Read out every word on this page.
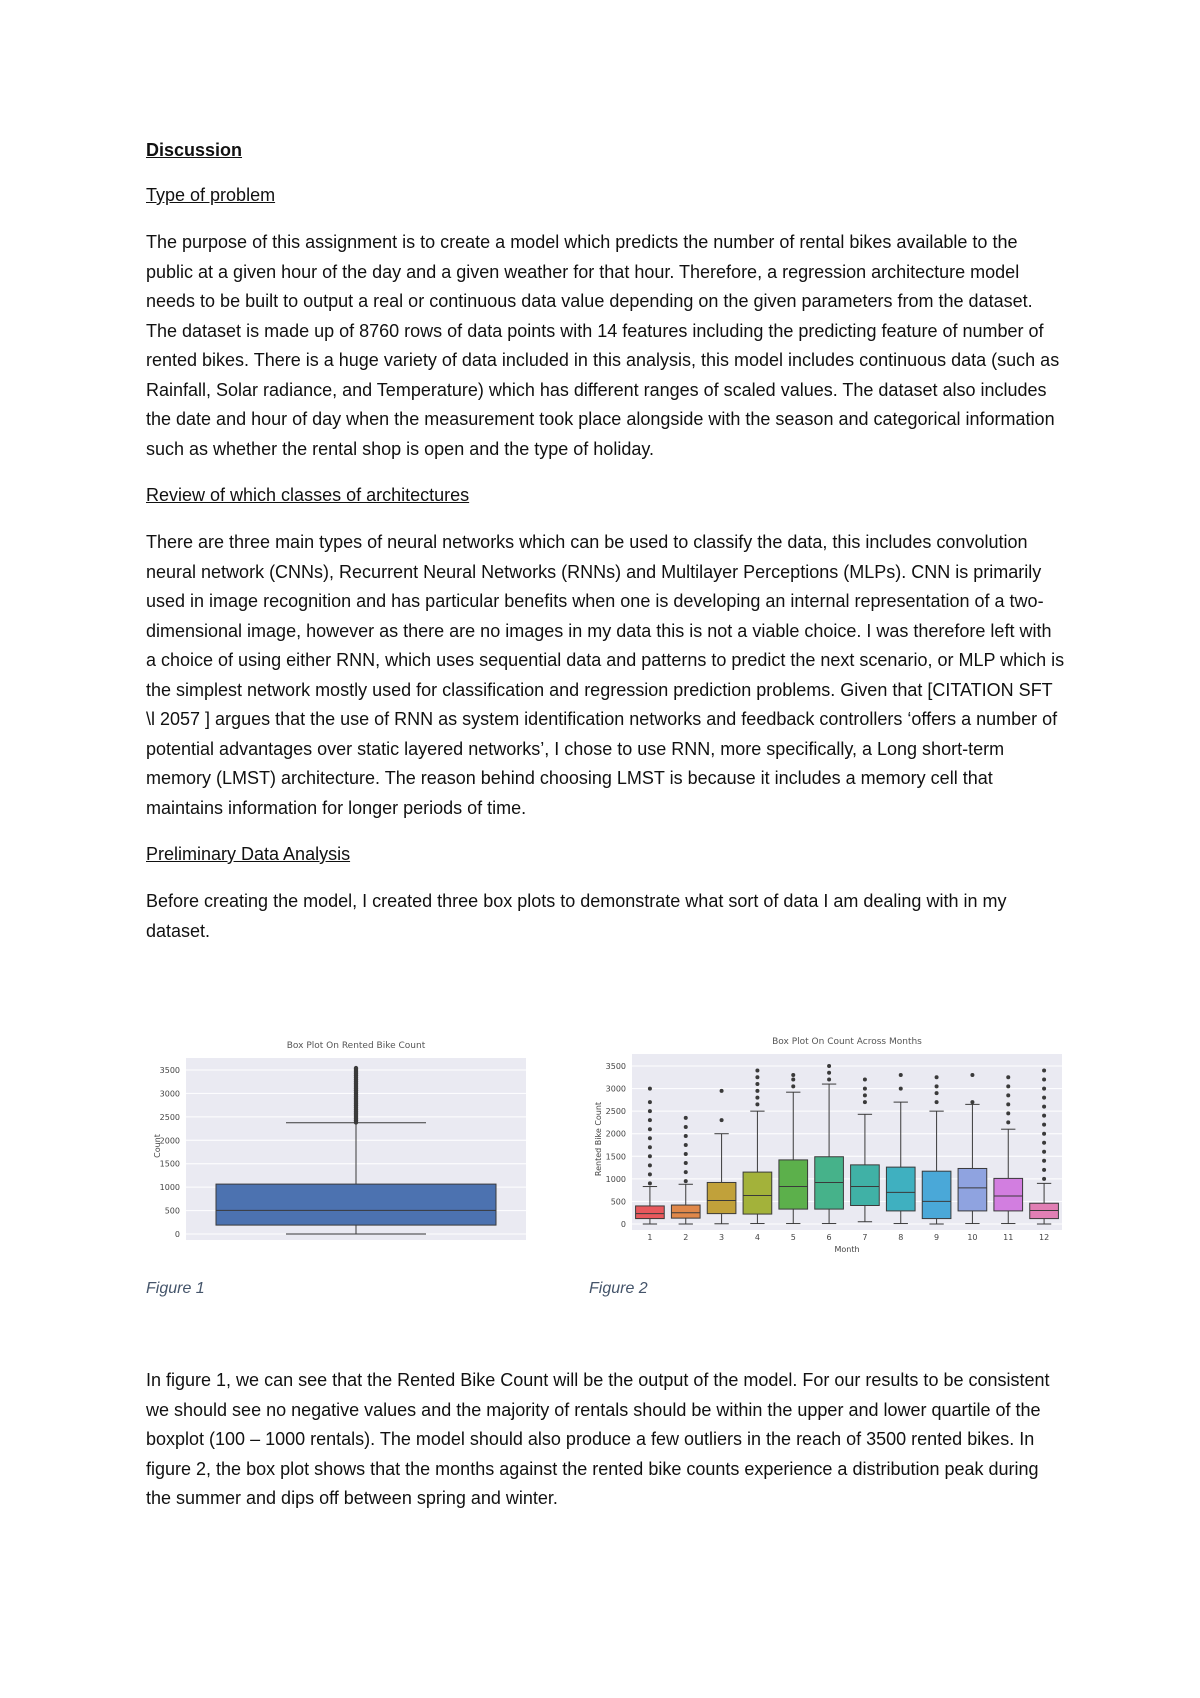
Discussion

Type of problem

The purpose of this assignment is to create a model which predicts the number of rental bikes available to the public at a given hour of the day and a given weather for that hour. Therefore, a regression architecture model needs to be built to output a real or continuous data value depending on the given parameters from the dataset. The dataset is made up of 8760 rows of data points with 14 features including the predicting feature of number of rented bikes. There is a huge variety of data included in this analysis, this model includes continuous data (such as Rainfall, Solar radiance, and Temperature) which has different ranges of scaled values. The dataset also includes the date and hour of day when the measurement took place alongside with the season and categorical information such as whether the rental shop is open and the type of holiday.

Review of which classes of architectures

There are three main types of neural networks which can be used to classify the data, this includes convolution neural network (CNNs), Recurrent Neural Networks (RNNs) and Multilayer Perceptions (MLPs). CNN is primarily used in image recognition and has particular benefits when one is developing an internal representation of a two-dimensional image, however as there are no images in my data this is not a viable choice. I was therefore left with a choice of using either RNN, which uses sequential data and patterns to predict the next scenario, or MLP which is the simplest network mostly used for classification and regression prediction problems. Given that [CITATION SFT \l 2057 ] argues that the use of RNN as system identification networks and feedback controllers ‘offers a number of potential advantages over static layered networks’, I chose to use RNN, more specifically, a Long short-term memory (LMST) architecture. The reason behind choosing LMST is because it includes a memory cell that maintains information for longer periods of time.

Preliminary Data Analysis

Before creating the model, I created three box plots to demonstrate what sort of data I am dealing with in my dataset.

Box Plot On Rented Bike Count
0
500
1000
1500
2000
2500
3000
3500
Count
Box Plot On Count Across Months
0
500
1000
1500
2000
2500
3000
3500
Rented Bike Count
Month
1	2	3	4	5	6	7	8	9	10	11	12
Figure 1	Figure 2

In figure 1, we can see that the Rented Bike Count will be the output of the model. For our results to be consistent we should see no negative values and the majority of rentals should be within the upper and lower quartile of the boxplot (100 – 1000 rentals). The model should also produce a few outliers in the reach of 3500 rented bikes. In figure 2, the box plot shows that the months against the rented bike counts experience a distribution peak during the summer and dips off between spring and winter.
